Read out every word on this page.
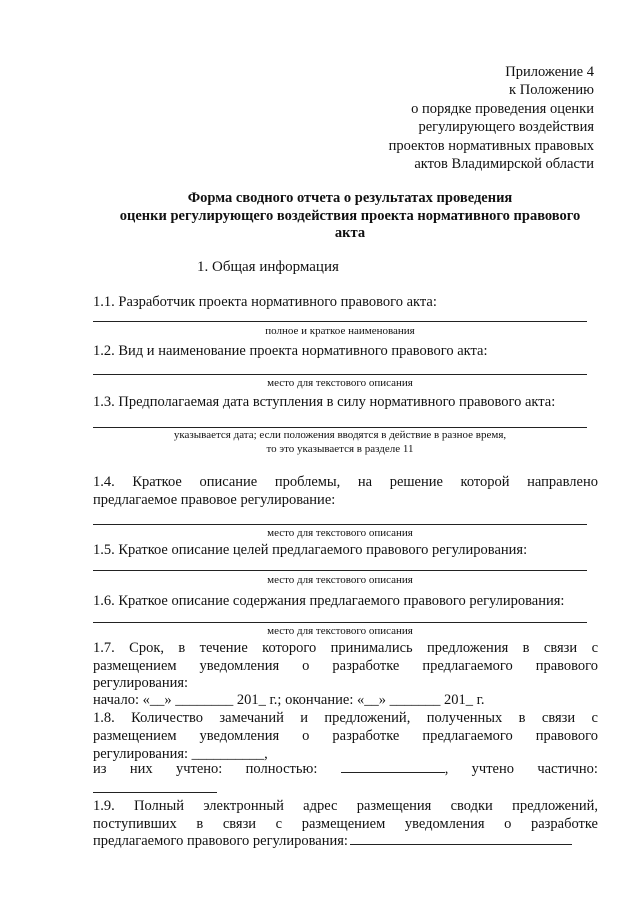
Приложение 4
к Положению
о порядке проведения оценки
регулирующего воздействия
проектов нормативных правовых
актов Владимирской области
Форма сводного отчета о результатах проведения
оценки регулирующего воздействия проекта нормативного правового
акта
1. Общая информация
1.1. Разработчик проекта нормативного правового акта:
полное и краткое наименования
1.2. Вид и наименование проекта нормативного правового акта:
место для текстового описания
1.3. Предполагаемая дата вступления в силу нормативного правового акта:
указывается дата; если положения вводятся в действие в разное время,
то это указывается в разделе 11
1.4. Краткое описание проблемы, на решение которой направлено
предлагаемое правовое регулирование:
место для текстового описания
1.5. Краткое описание целей предлагаемого правового регулирования:
место для текстового описания
1.6. Краткое описание содержания предлагаемого правового регулирования:
место для текстового описания
1.7. Срок, в течение которого принимались предложения в связи с
размещением уведомления о разработке предлагаемого правового
регулирования:
начало: «__» ________ 201_ г.; окончание: «__» _______ 201_ г.
1.8. Количество замечаний и предложений, полученных в связи с
размещением уведомления о разработке предлагаемого правового
регулирования: __________,
из них учтено: полностью:	, учтено частично:
1.9. Полный электронный адрес размещения сводки предложений,
поступивших в связи с размещением уведомления о разработке
предлагаемого правового регулирования:
